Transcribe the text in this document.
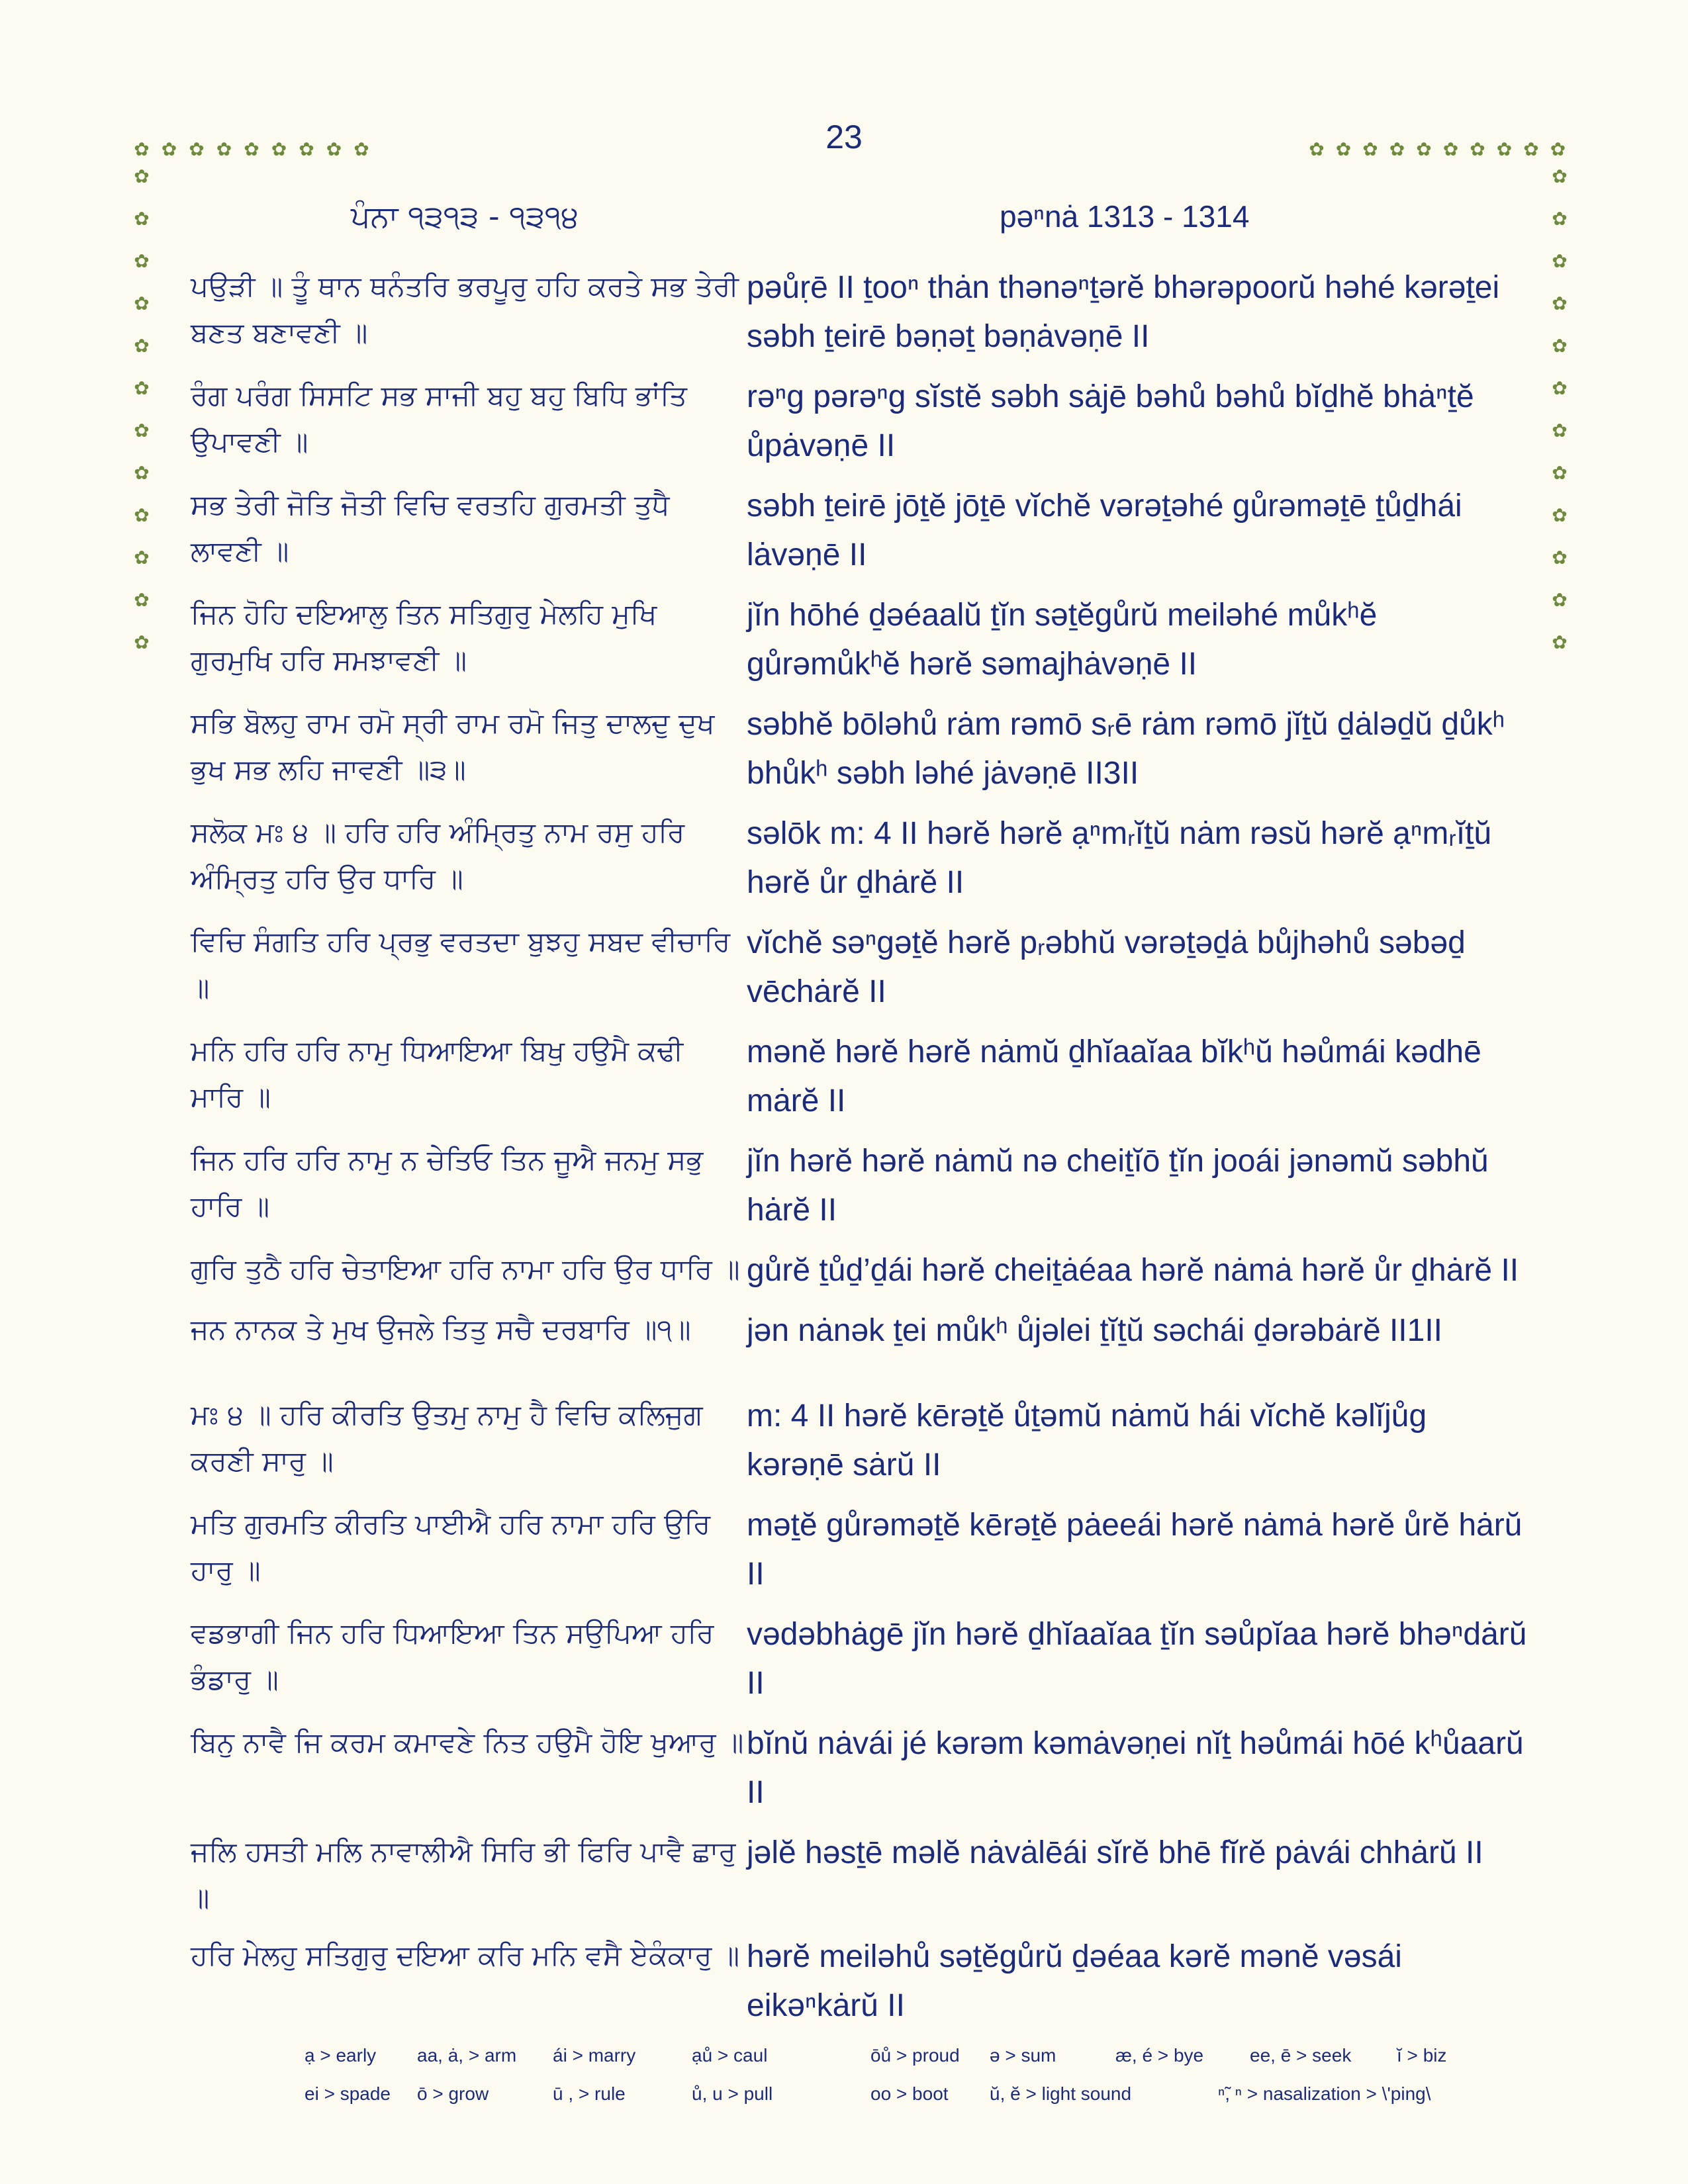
23
✿ ✿ ✿ ✿ ✿ ✿ ✿ ✿ ✿	✿ ✿ ✿ ✿ ✿ ✿ ✿ ✿ ✿ ✿
✿
✿
✿
✿
✿
✿
✿
✿
✿
✿
✿
✿
✿
✿
✿
✿
✿
✿
✿
✿
✿
✿
✿
✿
ਪੰਨਾ ੧੩੧੩ - ੧੩੧੪	pəⁿnȧ 1313 - 1314
ਪਉੜੀ ॥ ਤੂੰ ਥਾਨ ਥਨੰਤਰਿ ਭਰਪੂਰੁ ਹਹਿ ਕਰਤੇ ਸਭ ਤੇਰੀ ਬਣਤ ਬਣਾਵਣੀ ॥
pəůṛē II ṯooⁿ thȧn thənəⁿṯərĕ bhərəpoorŭ həhé kərəṯei səbh ṯeirē bəṇəṯ bəṇȧvəṇē II
ਰੰਗ ਪਰੰਗ ਸਿਸਟਿ ਸਭ ਸਾਜੀ ਬਹੁ ਬਹੁ ਬਿਧਿ ਭਾਂਤਿ ਉਪਾਵਣੀ ॥
rəⁿg pərəⁿg sĭstĕ səbh sȧjē bəhů bəhů bĭḏhĕ bhȧⁿṯĕ ůpȧvəṇē II
ਸਭ ਤੇਰੀ ਜੋਤਿ ਜੋਤੀ ਵਿਚਿ ਵਰਤਹਿ ਗੁਰਮਤੀ ਤੁਧੈ ਲਾਵਣੀ ॥
səbh ṯeirē jōṯĕ jōṯē vĭchĕ vərəṯəhé gůrəməṯē ṯůḏhái lȧvəṇē II
ਜਿਨ ਹੋਹਿ ਦਇਆਲੁ ਤਿਨ ਸਤਿਗੁਰੁ ਮੇਲਹਿ ਮੁਖਿ ਗੁਰਮੁਖਿ ਹਰਿ ਸਮਝਾਵਣੀ ॥
jĭn hōhé ḏəéaalŭ ṯĭn səṯĕgůrŭ meiləhé můkʰĕ gůrəmůkʰĕ hərĕ səmajhȧvəṇē II
ਸਭਿ ਬੋਲਹੁ ਰਾਮ ਰਮੋ ਸ੍ਰੀ ਰਾਮ ਰਮੋ ਜਿਤੁ ਦਾਲਦੁ ਦੁਖ ਭੁਖ ਸਭ ਲਹਿ ਜਾਵਣੀ ॥੩॥
səbhĕ bōləhů rȧm rəmō sᵣē rȧm rəmō jĭṯŭ ḏȧləḏŭ ḏůkʰ bhůkʰ səbh ləhé jȧvəṇē II3II
ਸਲੋਕ ਮਃ ੪ ॥ ਹਰਿ ਹਰਿ ਅੰਮ੍ਰਿਤੁ ਨਾਮ ਰਸੁ ਹਰਿ ਅੰਮ੍ਰਿਤੁ ਹਰਿ ਉਰ ਧਾਰਿ ॥
səlōk m: 4 II hərĕ hərĕ ạⁿmᵣĭṯŭ nȧm rəsŭ hərĕ ạⁿmᵣĭṯŭ hərĕ ůr ḏhȧrĕ II
ਵਿਚਿ ਸੰਗਤਿ ਹਰਿ ਪ੍ਰਭੁ ਵਰਤਦਾ ਬੁਝਹੁ ਸਬਦ ਵੀਚਾਰਿ ॥
vĭchĕ səⁿgəṯĕ hərĕ pᵣəbhŭ vərəṯəḏȧ bůjhəhů səbəḏ vēchȧrĕ II
ਮਨਿ ਹਰਿ ਹਰਿ ਨਾਮੁ ਧਿਆਇਆ ਬਿਖੁ ਹਉਮੈ ਕਢੀ ਮਾਰਿ ॥
mənĕ hərĕ hərĕ nȧmŭ ḏhĭaaĭaa bĭkʰŭ həůmái kədhē mȧrĕ II
ਜਿਨ ਹਰਿ ਹਰਿ ਨਾਮੁ ਨ ਚੇਤਿਓ ਤਿਨ ਜੂਐ ਜਨਮੁ ਸਭੁ ਹਾਰਿ ॥
jĭn hərĕ hərĕ nȧmŭ nə cheiṯĭō ṯĭn jooái jənəmŭ səbhŭ hȧrĕ II
ਗੁਰਿ ਤੁਠੈ ਹਰਿ ਚੇਤਾਇਆ ਹਰਿ ਨਾਮਾ ਹਰਿ ਉਰ ਧਾਰਿ ॥ gůrĕ ṯůḏ’ḏái hərĕ cheiṯȧéaa hərĕ nȧmȧ hərĕ ůr ḏhȧrĕ II
ਜਨ ਨਾਨਕ ਤੇ ਮੁਖ ਉਜਲੇ ਤਿਤੁ ਸਚੈ ਦਰਬਾਰਿ ॥੧॥	jən nȧnək ṯei můkʰ ůjəlei ṯĭṯŭ səchái ḏərəbȧrĕ II1II
ਮਃ ੪ ॥ ਹਰਿ ਕੀਰਤਿ ਉਤਮੁ ਨਾਮੁ ਹੈ ਵਿਚਿ ਕਲਿਜੁਗ ਕਰਣੀ ਸਾਰੁ ॥
m: 4 II hərĕ kērəṯĕ ůṯəmŭ nȧmŭ hái vĭchĕ kəlĭjůg kərəṇē sȧrŭ II
ਮਤਿ ਗੁਰਮਤਿ ਕੀਰਤਿ ਪਾਈਐ ਹਰਿ ਨਾਮਾ ਹਰਿ ਉਰਿ ਹਾਰੁ ॥
məṯĕ gůrəməṯĕ kērəṯĕ pȧeeái hərĕ nȧmȧ hərĕ ůrĕ hȧrŭ II
ਵਡਭਾਗੀ ਜਿਨ ਹਰਿ ਧਿਆਇਆ ਤਿਨ ਸਉਪਿਆ ਹਰਿ ਭੰਡਾਰੁ ॥
vədəbhȧgē jĭn hərĕ ḏhĭaaĭaa ṯĭn səůpĭaa hərĕ bhəⁿdȧrŭ II
ਬਿਨੁ ਨਾਵੈ ਜਿ ਕਰਮ ਕਮਾਵਣੇ ਨਿਤ ਹਉਮੈ ਹੋਇ ਖੁਆਰੁ ॥ bĭnŭ nȧvái jé kərəm kəmȧvəṇei nĭṯ həůmái hōé kʰůaarŭ II
ਜਲਿ ਹਸਤੀ ਮਲਿ ਨਾਵਾਲੀਐ ਸਿਰਿ ਭੀ ਫਿਰਿ ਪਾਵੈ ਛਾਰੁ ॥
jəlĕ həsṯē məlĕ nȧvȧlēái sĭrĕ bhē fĭrĕ pȧvái chhȧrŭ II
ਹਰਿ ਮੇਲਹੁ ਸਤਿਗੁਰੁ ਦਇਆ ਕਰਿ ਮਨਿ ਵਸੈ ਏਕੰਕਾਰੁ ॥ hərĕ meiləhů səṯĕgůrŭ ḏəéaa kərĕ mənĕ vəsái eikəⁿkȧrŭ II
ạ > early aa, ȧ, > arm ái > marry	ạů > caul	ōů > proud ə > sum	æ, é > bye ee, ē > seek ĭ > biz
ei > spade ō > grow	ū , > rule	ů, u > pull	oo > boot ŭ, ĕ > light sound	ⁿ̃, ⁿ > nasalization > \'ping\
